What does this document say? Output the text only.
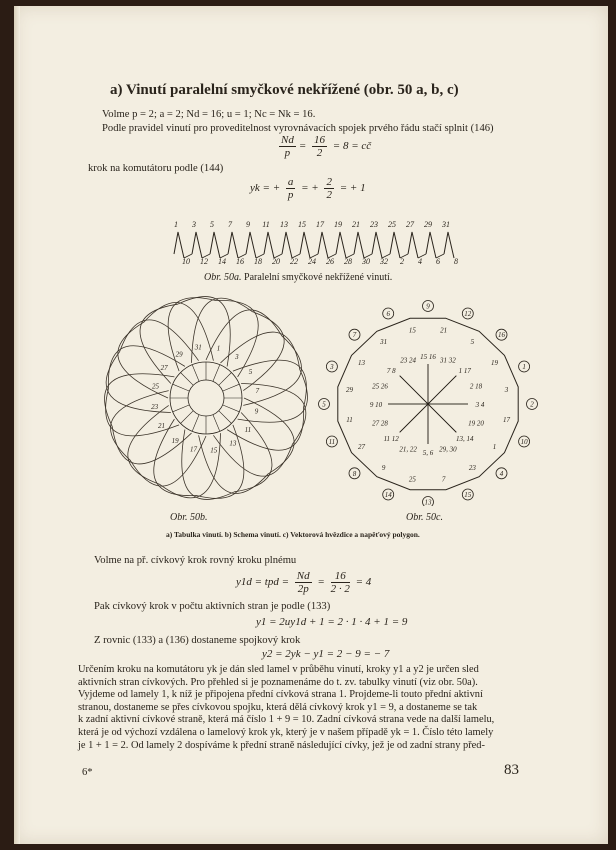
a) Vinutí paralelní smyčkové nekřížené (obr. 50 a, b, c)
Volme p = 2; a = 2; Nd = 16; u = 1; Nc = Nk = 16.
Podle pravidel vinutí pro proveditelnost vyrovnávacích spojek prvého řádu stačí splnit (146)
$\frac{Nd}{p} = \frac{16}{2} = 8$ = cč
krok na komutátoru podle (144)
yk = + $\frac{a}{p}$ = + $\frac{2}{2}$ = + 1
1
10
3
12
5
14
7
16
9
18
11
20
13
22
15
24
17
26
19
28
21
30
23
32
25
2
27
4
29
6
31
8
Obr. 50a. Paralelní smyčkové nekřížené vinutí.
31 1
3
5
7
9
11
13
15
17
19
21
23
25
27
29
Obr. 50b.
9
12
16
1
2
10
4
15
13
14
8
11
5
3
7
6
21
5
19
3
17
1
23
7
25
9
27
11
29
13
31
15
15 16 31 32
1 17
2 18
3 4
19 20
13, 14
29, 30
5, 6
21, 22
11 12
27 28
9 10
25 26
7 8
23 24
Obr. 50c.
a) Tabulka vinutí. b) Schema vinutí. c) Vektorová hvězdice a napěťový polygon.
Volme na př. cívkový krok rovný kroku plnému
y1d = tpd = $\frac{Nd}{2p} = \frac{16}{2 \cdot 2} = 4$
Pak cívkový krok v počtu aktivních stran je podle (133)
y1 = 2uy1d + 1 = 2 · 1 · 4 + 1 = 9
Z rovnic (133) a (136) dostaneme spojkový krok
y2 = 2yk − y1 = 2 − 9 = − 7
Určením kroku na komutátoru yk je dán sled lamel v průběhu vinutí, kroky y1 a y2 je určen sled
aktivních stran cívkových. Pro přehled si je poznamenáme do t. zv. tabulky vinutí (viz obr. 50a).
Vyjdeme od lamely 1, k níž je připojena přední cívková strana 1. Projdeme-li touto přední aktivní
stranou, dostaneme se přes cívkovou spojku, která dělá cívkový krok y1 = 9, a dostaneme se tak
k zadní aktivní cívkové straně, která má číslo 1 + 9 = 10. Zadní cívková strana vede na další lamelu,
která je od výchozí vzdálena o lamelový krok yk, který je v našem případě yk = 1. Číslo této lamely
je 1 + 1 = 2. Od lamely 2 dospíváme k přední straně následující cívky, jež je od zadní strany před-
6*	83
